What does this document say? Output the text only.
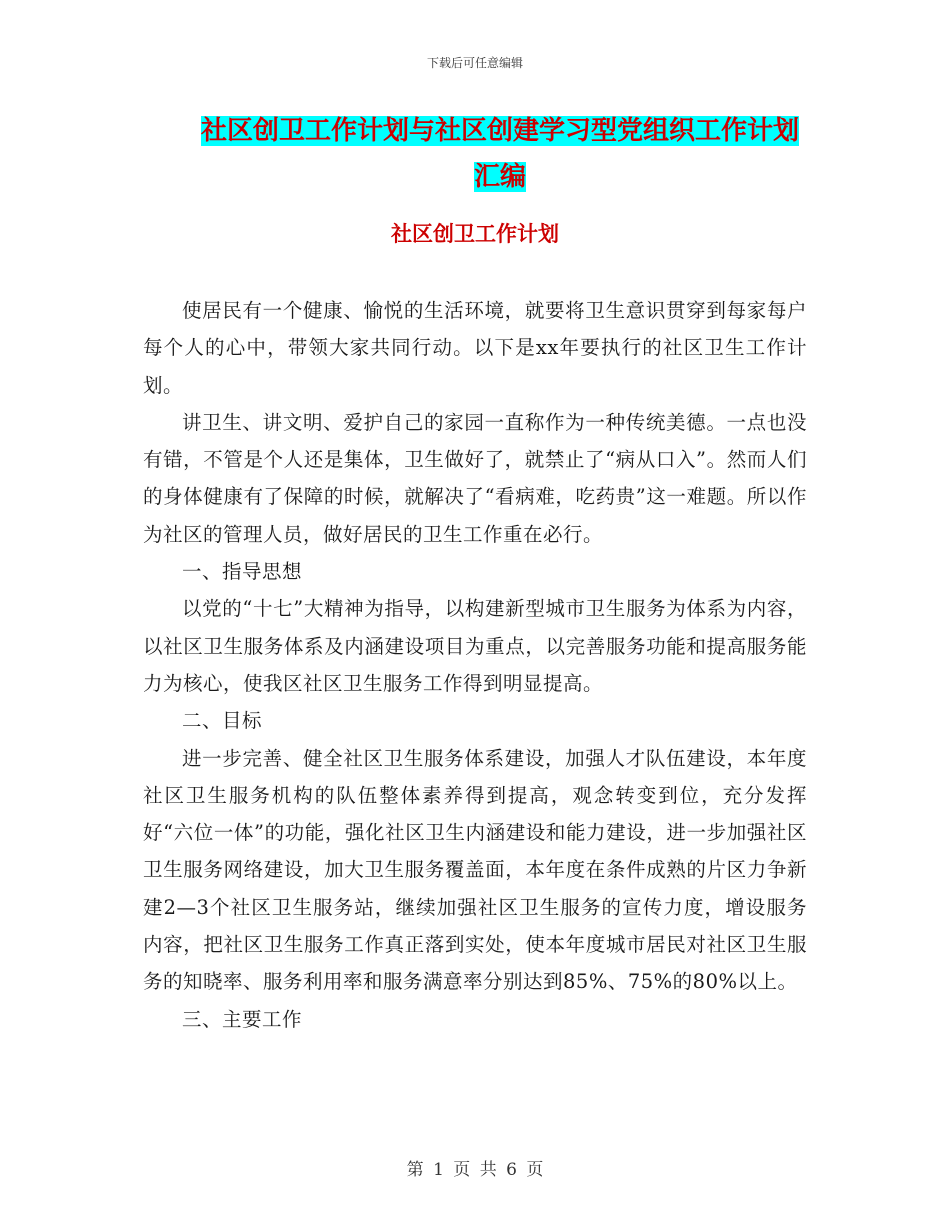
下载后可任意编辑
社区创卫工作计划与社区创建学习型党组织工作计划
汇编
社区创卫工作计划

使居民有一个健康、愉悦的生活环境，就要将卫生意识贯穿到每家每户每个人的心中，带领大家共同行动。以下是xx年要执行的社区卫生工作计划。

讲卫生、讲文明、爱护自己的家园一直称作为一种传统美德。一点也没有错，不管是个人还是集体，卫生做好了，就禁止了“病从口入”。然而人们的身体健康有了保障的时候，就解决了“看病难，吃药贵”这一难题。所以作为社区的管理人员，做好居民的卫生工作重在必行。

一、指导思想

以党的“十七”大精神为指导，以构建新型城市卫生服务为体系为内容，以社区卫生服务体系及内涵建设项目为重点，以完善服务功能和提高服务能力为核心，使我区社区卫生服务工作得到明显提高。

二、目标

进一步完善、健全社区卫生服务体系建设，加强人才队伍建设，本年度社区卫生服务机构的队伍整体素养得到提高，观念转变到位，充分发挥好“六位一体”的功能，强化社区卫生内涵建设和能力建设，进一步加强社区卫生服务网络建设，加大卫生服务覆盖面，本年度在条件成熟的片区力争新建2—3个社区卫生服务站，继续加强社区卫生服务的宣传力度，增设服务内容，把社区卫生服务工作真正落到实处，使本年度城市居民对社区卫生服务的知晓率、服务利用率和服务满意率分别达到85%、75%的80%以上。

三、主要工作

第 1 页 共 6 页
